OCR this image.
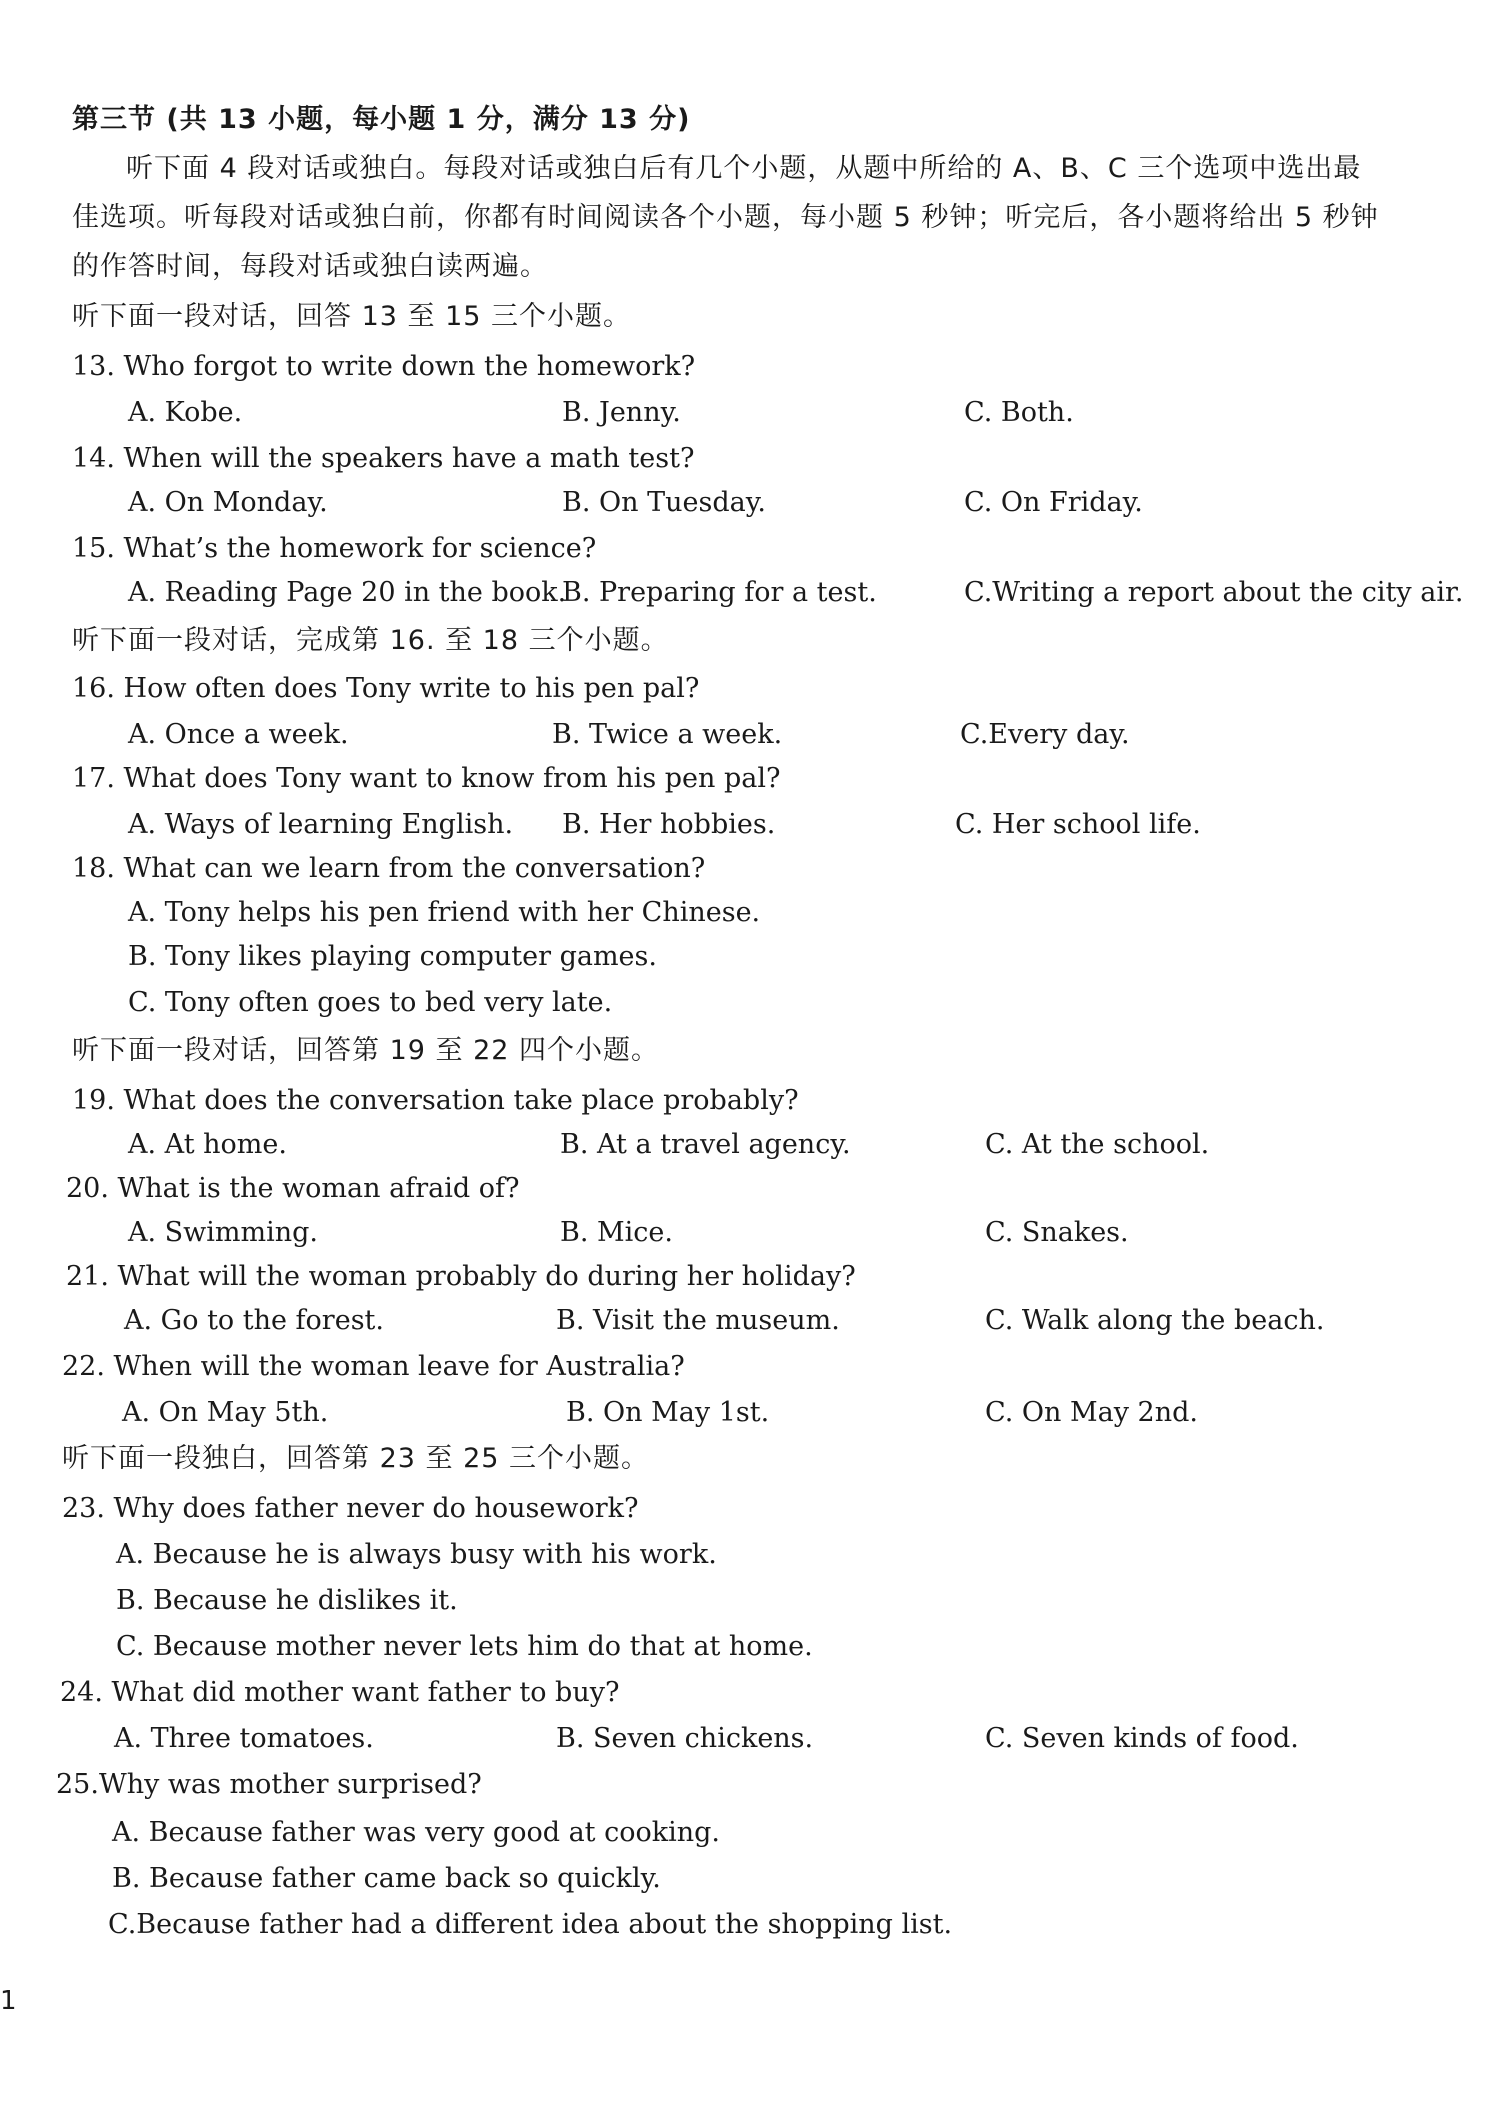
第三节 (共 13 小题，每小题 1 分，满分 13 分)
听下面 4 段对话或独白。每段对话或独白后有几个小题，从题中所给的 A、B、C 三个选项中选出最
佳选项。听每段对话或独白前，你都有时间阅读各个小题，每小题 5 秒钟；听完后，各小题将给出 5 秒钟
的作答时间，每段对话或独白读两遍。
听下面一段对话，回答 13 至 15 三个小题。
13. Who forgot to write down the homework?
A. Kobe.	B. Jenny.	C. Both.
14. When will the speakers have a math test?
A. On Monday.	B. On Tuesday.	C. On Friday.
15. What’s the homework for science?
A. Reading Page 20 in the book.
B. Preparing for a test.	C.Writing a report about the city air.
听下面一段对话，完成第 16. 至 18 三个小题。
16. How often does Tony write to his pen pal?
A. Once a week.	B. Twice a week.	C.Every day.
17. What does Tony want to know from his pen pal?
A. Ways of learning English. B. Her hobbies.	C. Her school life.
18. What can we learn from the conversation?
A. Tony helps his pen friend with her Chinese.
B. Tony likes playing computer games.
C. Tony often goes to bed very late.
听下面一段对话，回答第 19 至 22 四个小题。
19. What does the conversation take place probably?
A. At home.	B. At a travel agency.	C. At the school.
20. What is the woman afraid of?
A. Swimming.	B. Mice.	C. Snakes.
21. What will the woman probably do during her holiday?
A. Go to the forest.	B. Visit the museum.	C. Walk along the beach.
22. When will the woman leave for Australia?
A. On May 5th.	B. On May 1st.	C. On May 2nd.
听下面一段独白，回答第 23 至 25 三个小题。
23. Why does father never do housework?
A. Because he is always busy with his work.
B. Because he dislikes it.
C. Because mother never lets him do that at home.
24. What did mother want father to buy?
A. Three tomatoes.	B. Seven chickens.	C. Seven kinds of food.
25.Why was mother surprised?
A. Because father was very good at cooking.
B. Because father came back so quickly.
C.Because father had a different idea about the shopping list.
1
